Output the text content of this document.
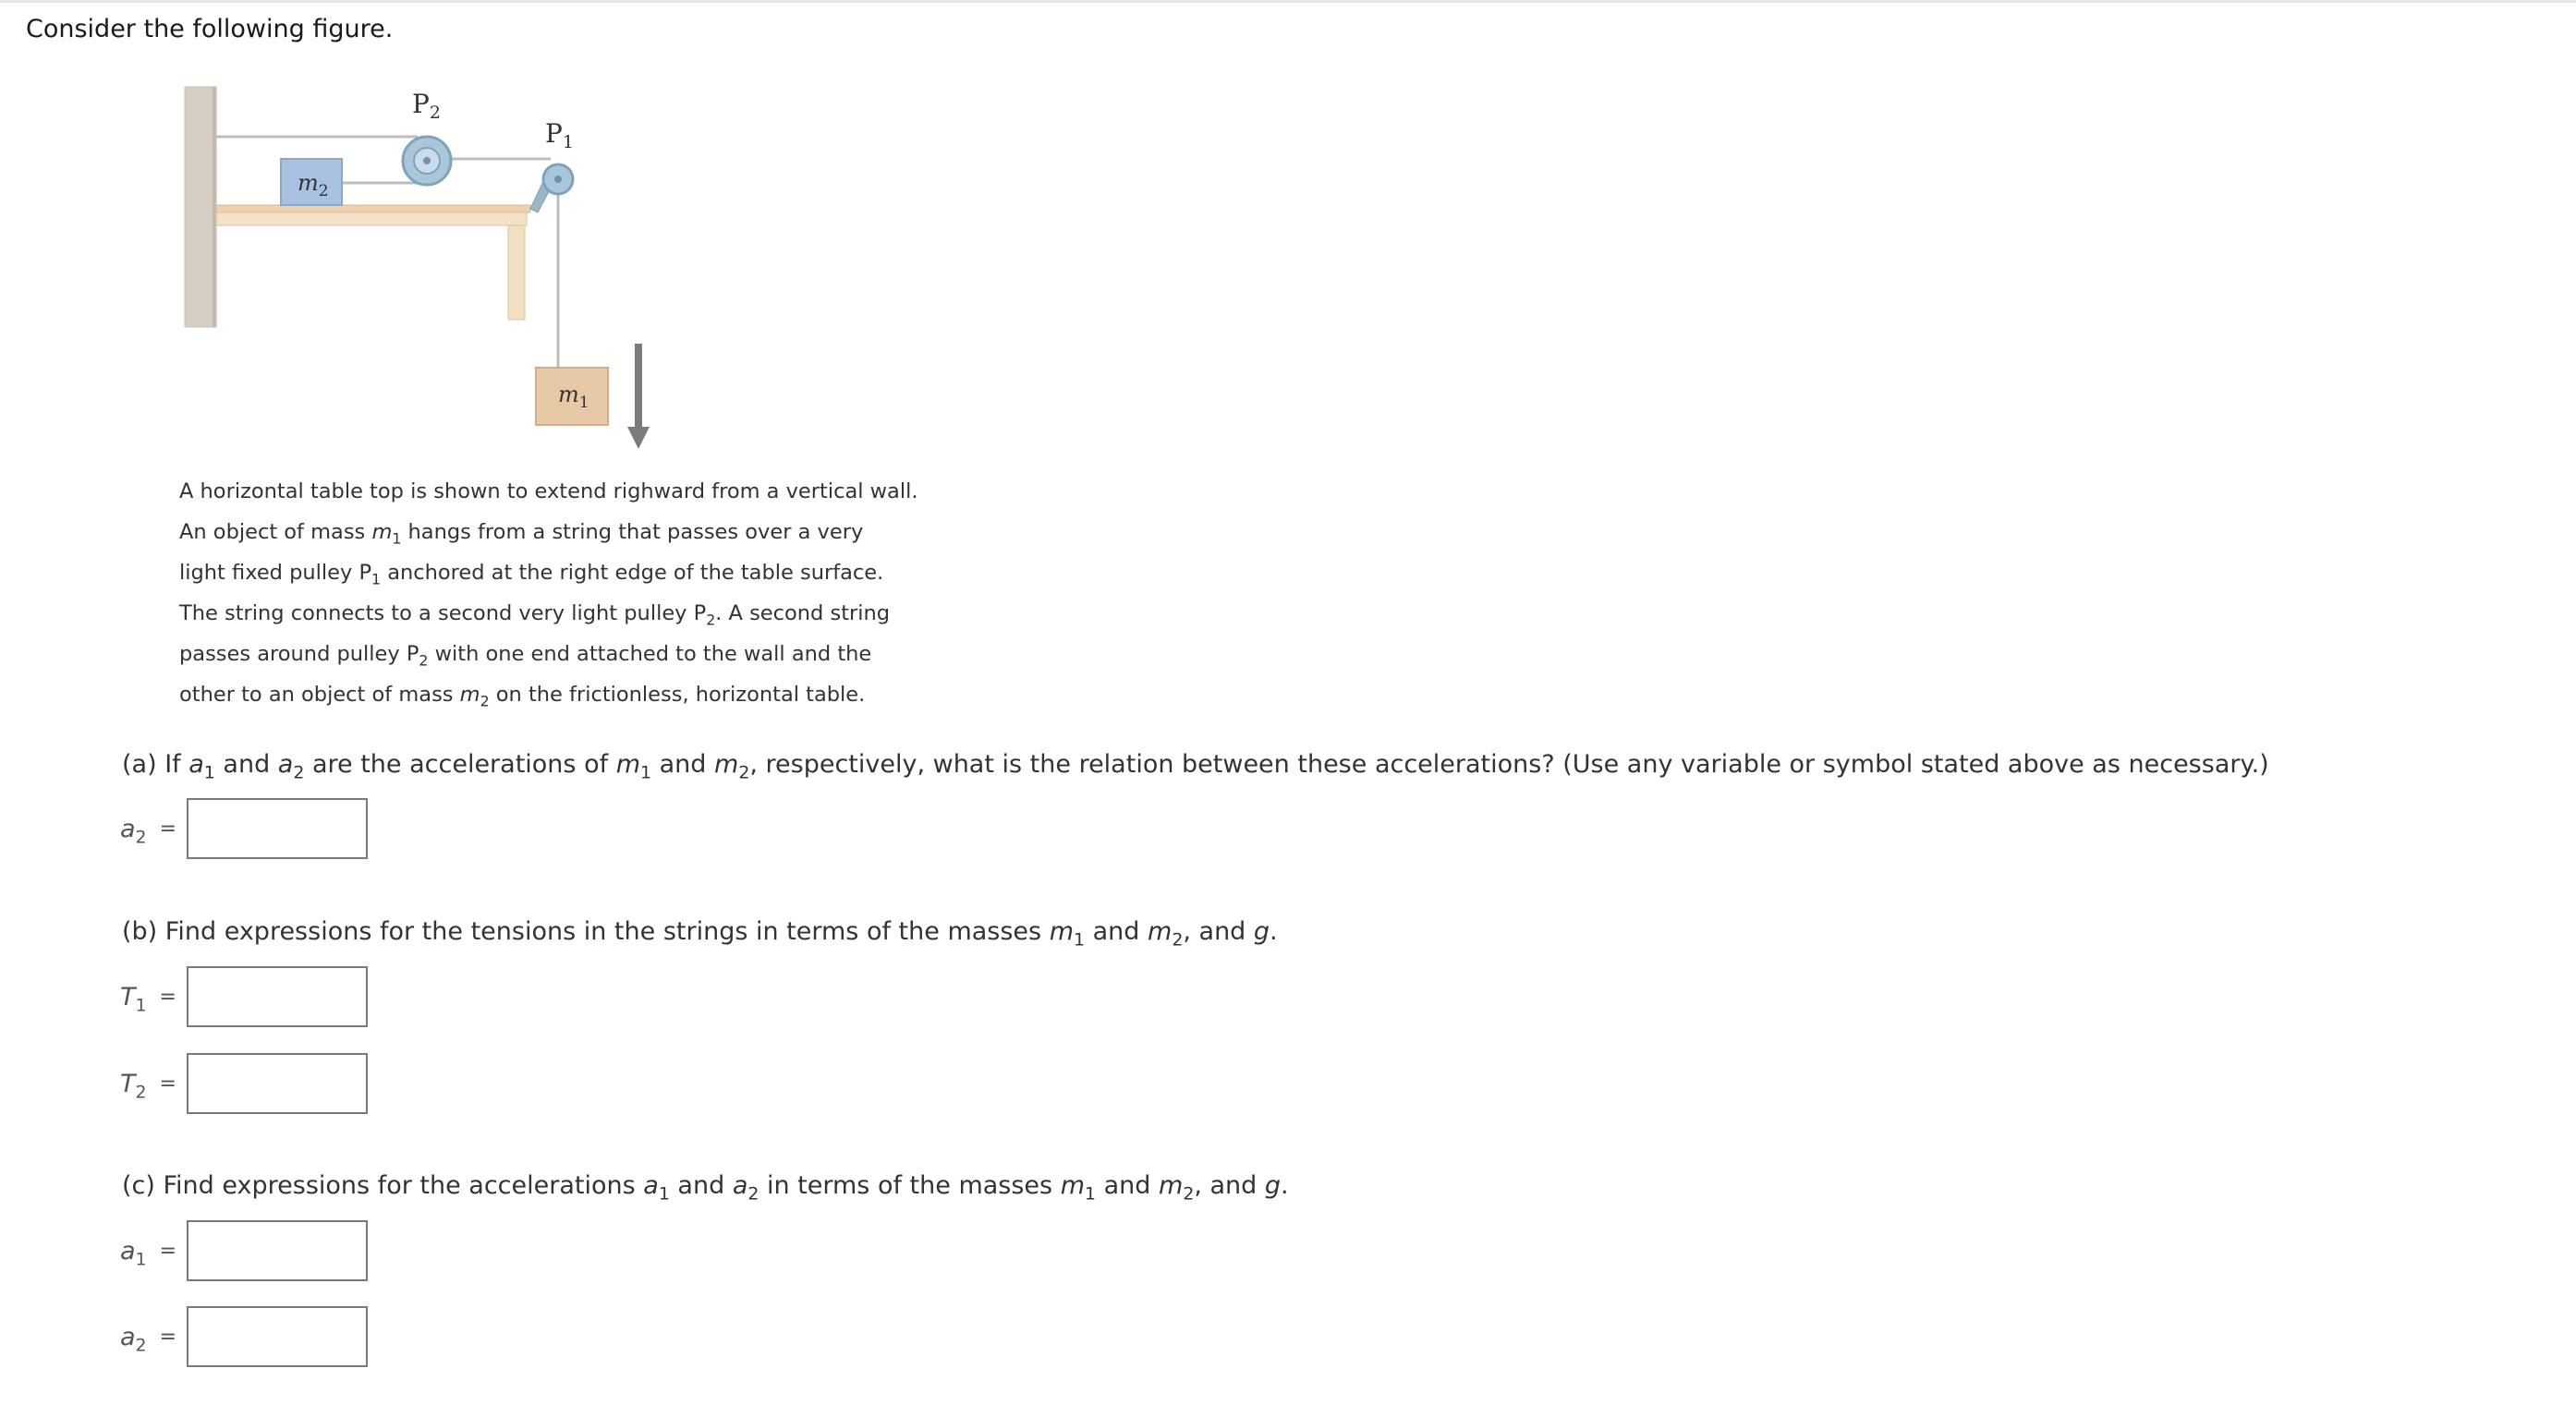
Consider the following figure.
$m_2$
$m_1$
$P_2$
$P_1$
A horizontal table top is shown to extend righward from a vertical wall.
An object of mass $m_1$ hangs from a string that passes over a very
light fixed pulley $P_1$ anchored at the right edge of the table surface.
The string connects to a second very light pulley $P_2$. A second string
passes around pulley $P_2$ with one end attached to the wall and the
other to an object of mass $m_2$ on the frictionless, horizontal table.
(a) If $a_1$ and $a_2$ are the accelerations of $m_1$ and $m_2$, respectively, what is the relation between these accelerations? (Use any variable or symbol stated above as necessary.)
$a_2$ =
(b) Find expressions for the tensions in the strings in terms of the masses $m_1$ and $m_2$, and g.
$T_1$ =
$T_2$ =
(c) Find expressions for the accelerations $a_1$ and $a_2$ in terms of the masses $m_1$ and $m_2$, and g.
$a_1$ =
$a_2$ =
